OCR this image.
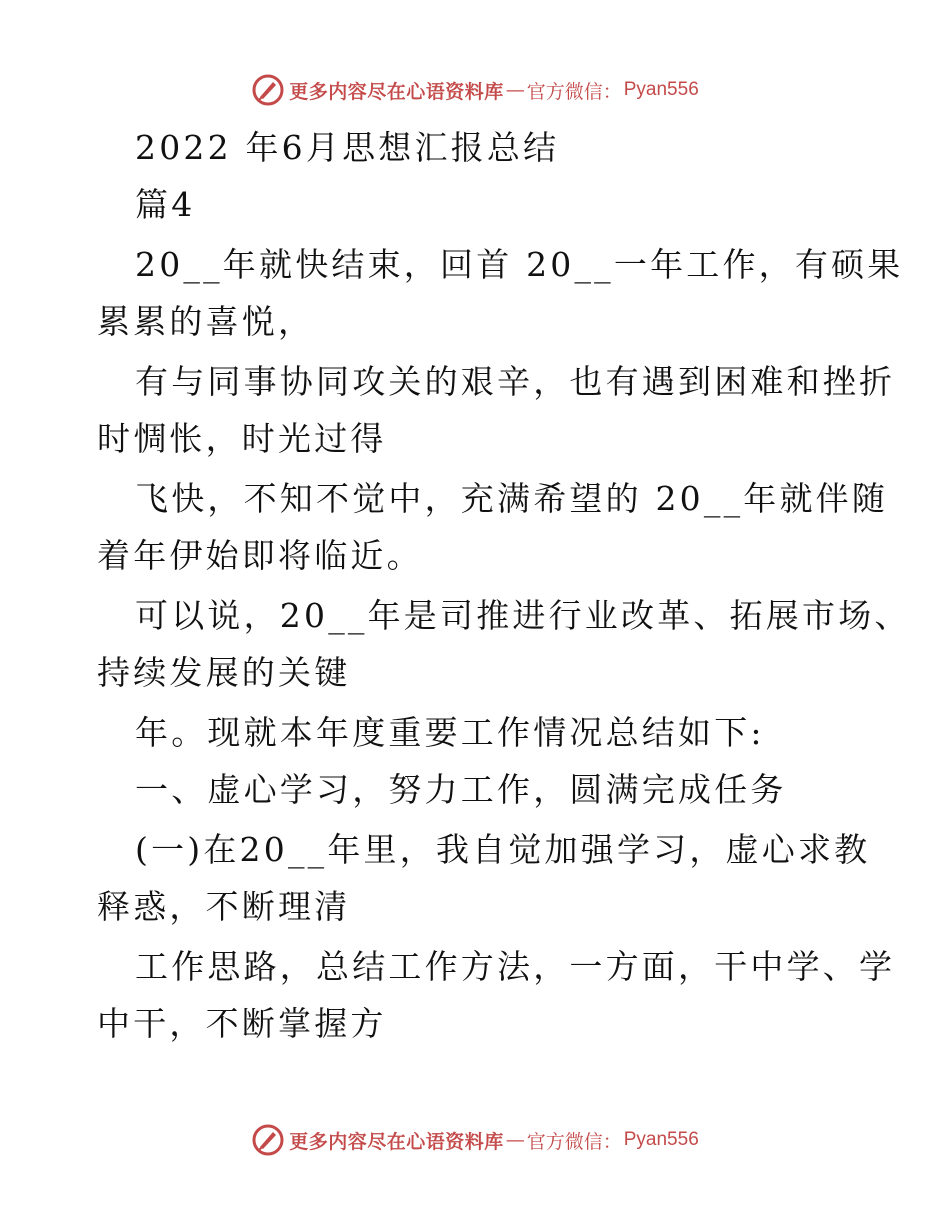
更多内容尽在心语资料库 — 官方微信： Pyan556
2022 年6月思想汇报总结
篇4
20__年就快结束，回首 20__一年工作，有硕果
累累的喜悦，
有与同事协同攻关的艰辛，也有遇到困难和挫折
时惆怅，时光过得
飞快，不知不觉中，充满希望的 20__年就伴随
着年伊始即将临近。
可以说，20__年是司推进行业改革、拓展市场、
持续发展的关键
年。现就本年度重要工作情况总结如下:
一、虚心学习，努力工作，圆满完成任务
(一)在20__年里，我自觉加强学习，虚心求教
释惑，不断理清
工作思路，总结工作方法，一方面，干中学、学
中干，不断掌握方
更多内容尽在心语资料库 — 官方微信： Pyan556
